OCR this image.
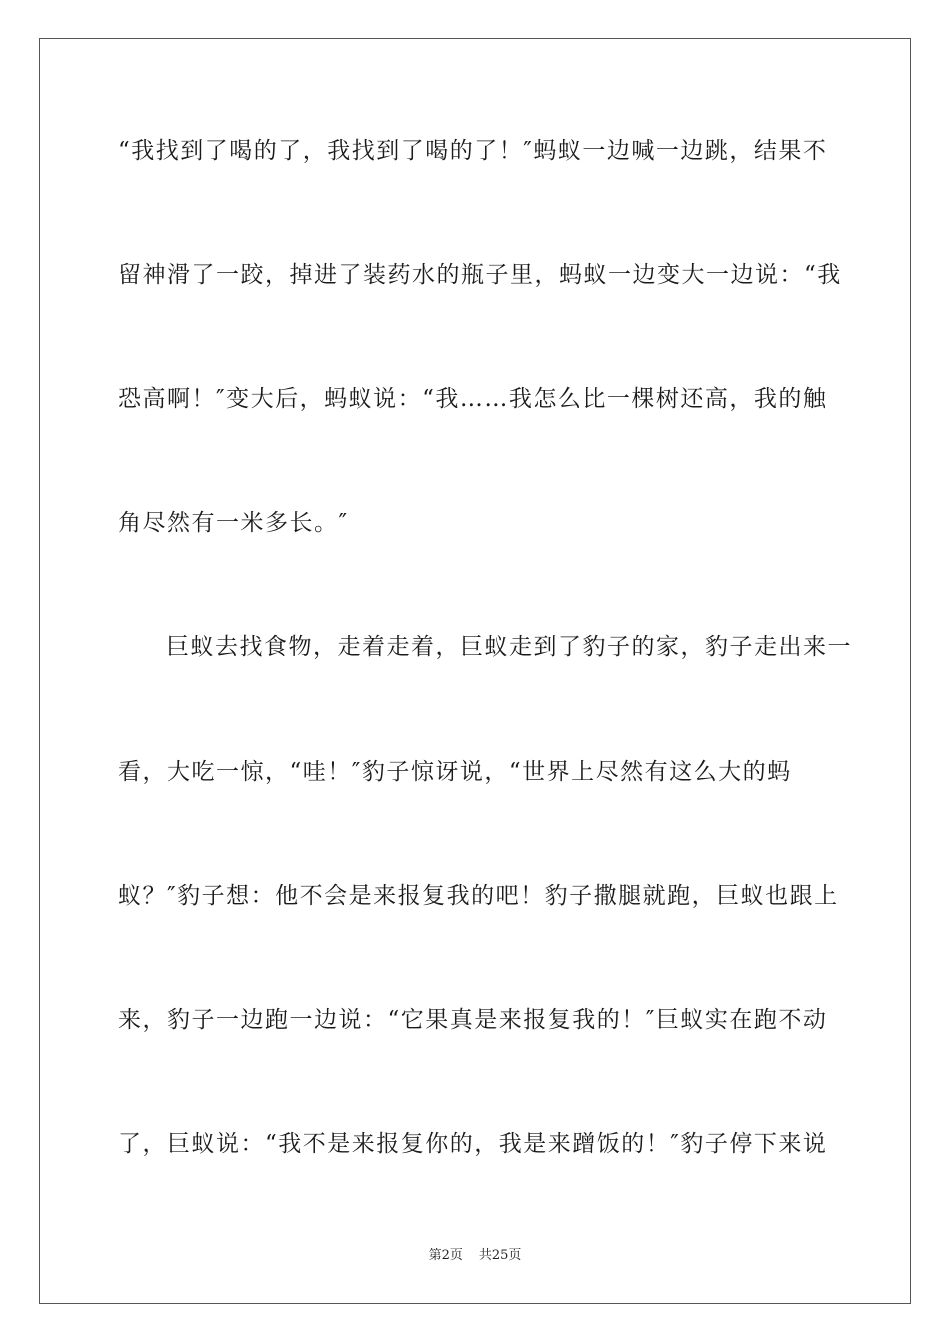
“我找到了喝的了，我找到了喝的了！″蚂蚁一边喊一边跳，结果不
留神滑了一跤，掉进了装药水的瓶子里，蚂蚁一边变大一边说：“我
恐高啊！″变大后，蚂蚁说：“我……我怎么比一棵树还高，我的触
角尽然有一米多长。″
巨蚁去找食物，走着走着，巨蚁走到了豹子的家，豹子走出来一
看，大吃一惊，“哇！″豹子惊讶说，“世界上尽然有这么大的蚂
蚁？″豹子想：他不会是来报复我的吧！豹子撒腿就跑，巨蚁也跟上
来，豹子一边跑一边说：“它果真是来报复我的！″巨蚁实在跑不动
了，巨蚁说：“我不是来报复你的，我是来蹭饭的！″豹子停下来说
第2页 共25页
